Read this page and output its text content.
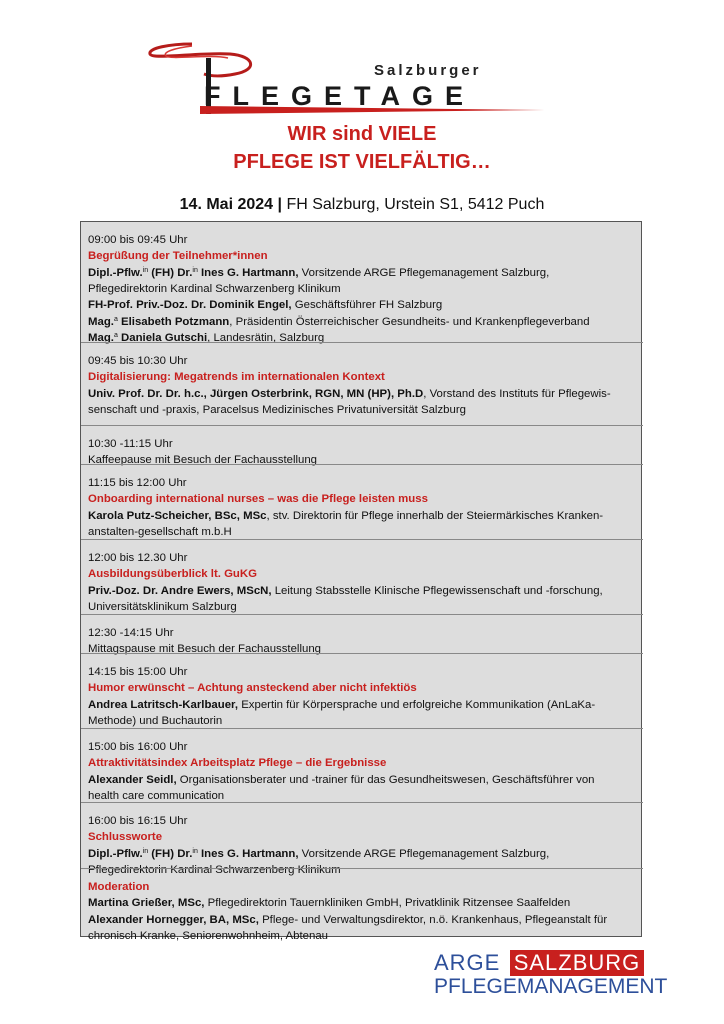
Salzburger
FLEGETAGE
WIR sind VIELE
PFLEGE IST VIELFÄLTIG…
14. Mai 2024 | FH Salzburg, Urstein S1, 5412 Puch
09:00 bis 09:45 Uhr
Begrüßung der Teilnehmer*innen
Dipl.-Pflw.$^{in}$ (FH) Dr.$^{in}$ Ines G. Hartmann, Vorsitzende ARGE Pflegemanagement Salzburg,
Pflegedirektorin Kardinal Schwarzenberg Klinikum
FH-Prof. Priv.-Doz. Dr. Dominik Engel, Geschäftsführer FH Salzburg
Mag.$^a$ Elisabeth Potzmann, Präsidentin Österreichischer Gesundheits- und Krankenpflegeverband
Mag.$^a$ Daniela Gutschi, Landesrätin, Salzburg
09:45 bis 10:30 Uhr
Digitalisierung: Megatrends im internationalen Kontext
Univ. Prof. Dr. Dr. h.c., Jürgen Osterbrink, RGN, MN (HP), Ph.D, Vorstand des Instituts für Pflegewis-
senschaft und -praxis, Paracelsus Medizinisches Privatuniversität Salzburg
10:30 -11:15 Uhr
Kaffeepause mit Besuch der Fachausstellung
11:15 bis 12:00 Uhr
Onboarding international nurses – was die Pflege leisten muss
Karola Putz-Scheicher, BSc, MSc, stv. Direktorin für Pflege innerhalb der Steiermärkisches Kranken-
anstalten-gesellschaft m.b.H
12:00 bis 12.30 Uhr
Ausbildungsüberblick lt. GuKG
Priv.-Doz. Dr. Andre Ewers, MScN, Leitung Stabsstelle Klinische Pflegewissenschaft und -forschung,
Universitätsklinikum Salzburg
12:30 -14:15 Uhr
Mittagspause mit Besuch der Fachausstellung
14:15 bis 15:00 Uhr
Humor erwünscht – Achtung ansteckend aber nicht infektiös
Andrea Latritsch-Karlbauer, Expertin für Körpersprache und erfolgreiche Kommunikation (AnLaKa-
Methode) und Buchautorin
15:00 bis 16:00 Uhr
Attraktivitätsindex Arbeitsplatz Pflege – die Ergebnisse
Alexander Seidl, Organisationsberater und -trainer für das Gesundheitswesen, Geschäftsführer von
health care communication
16:00 bis 16:15 Uhr
Schlussworte
Dipl.-Pflw.$^{in}$ (FH) Dr.$^{in}$ Ines G. Hartmann, Vorsitzende ARGE Pflegemanagement Salzburg,
Pflegedirektorin Kardinal Schwarzenberg Klinikum
Moderation
Martina Grießer, MSc, Pflegedirektorin Tauernkliniken GmbH, Privatklinik Ritzensee Saalfelden
Alexander Hornegger, BA, MSc, Pflege- und Verwaltungsdirektor, n.ö. Krankenhaus, Pflegeanstalt für
chronisch Kranke, Seniorenwohnheim, Abtenau
ARGE SALZBURG
PFLEGEMANAGEMENT
